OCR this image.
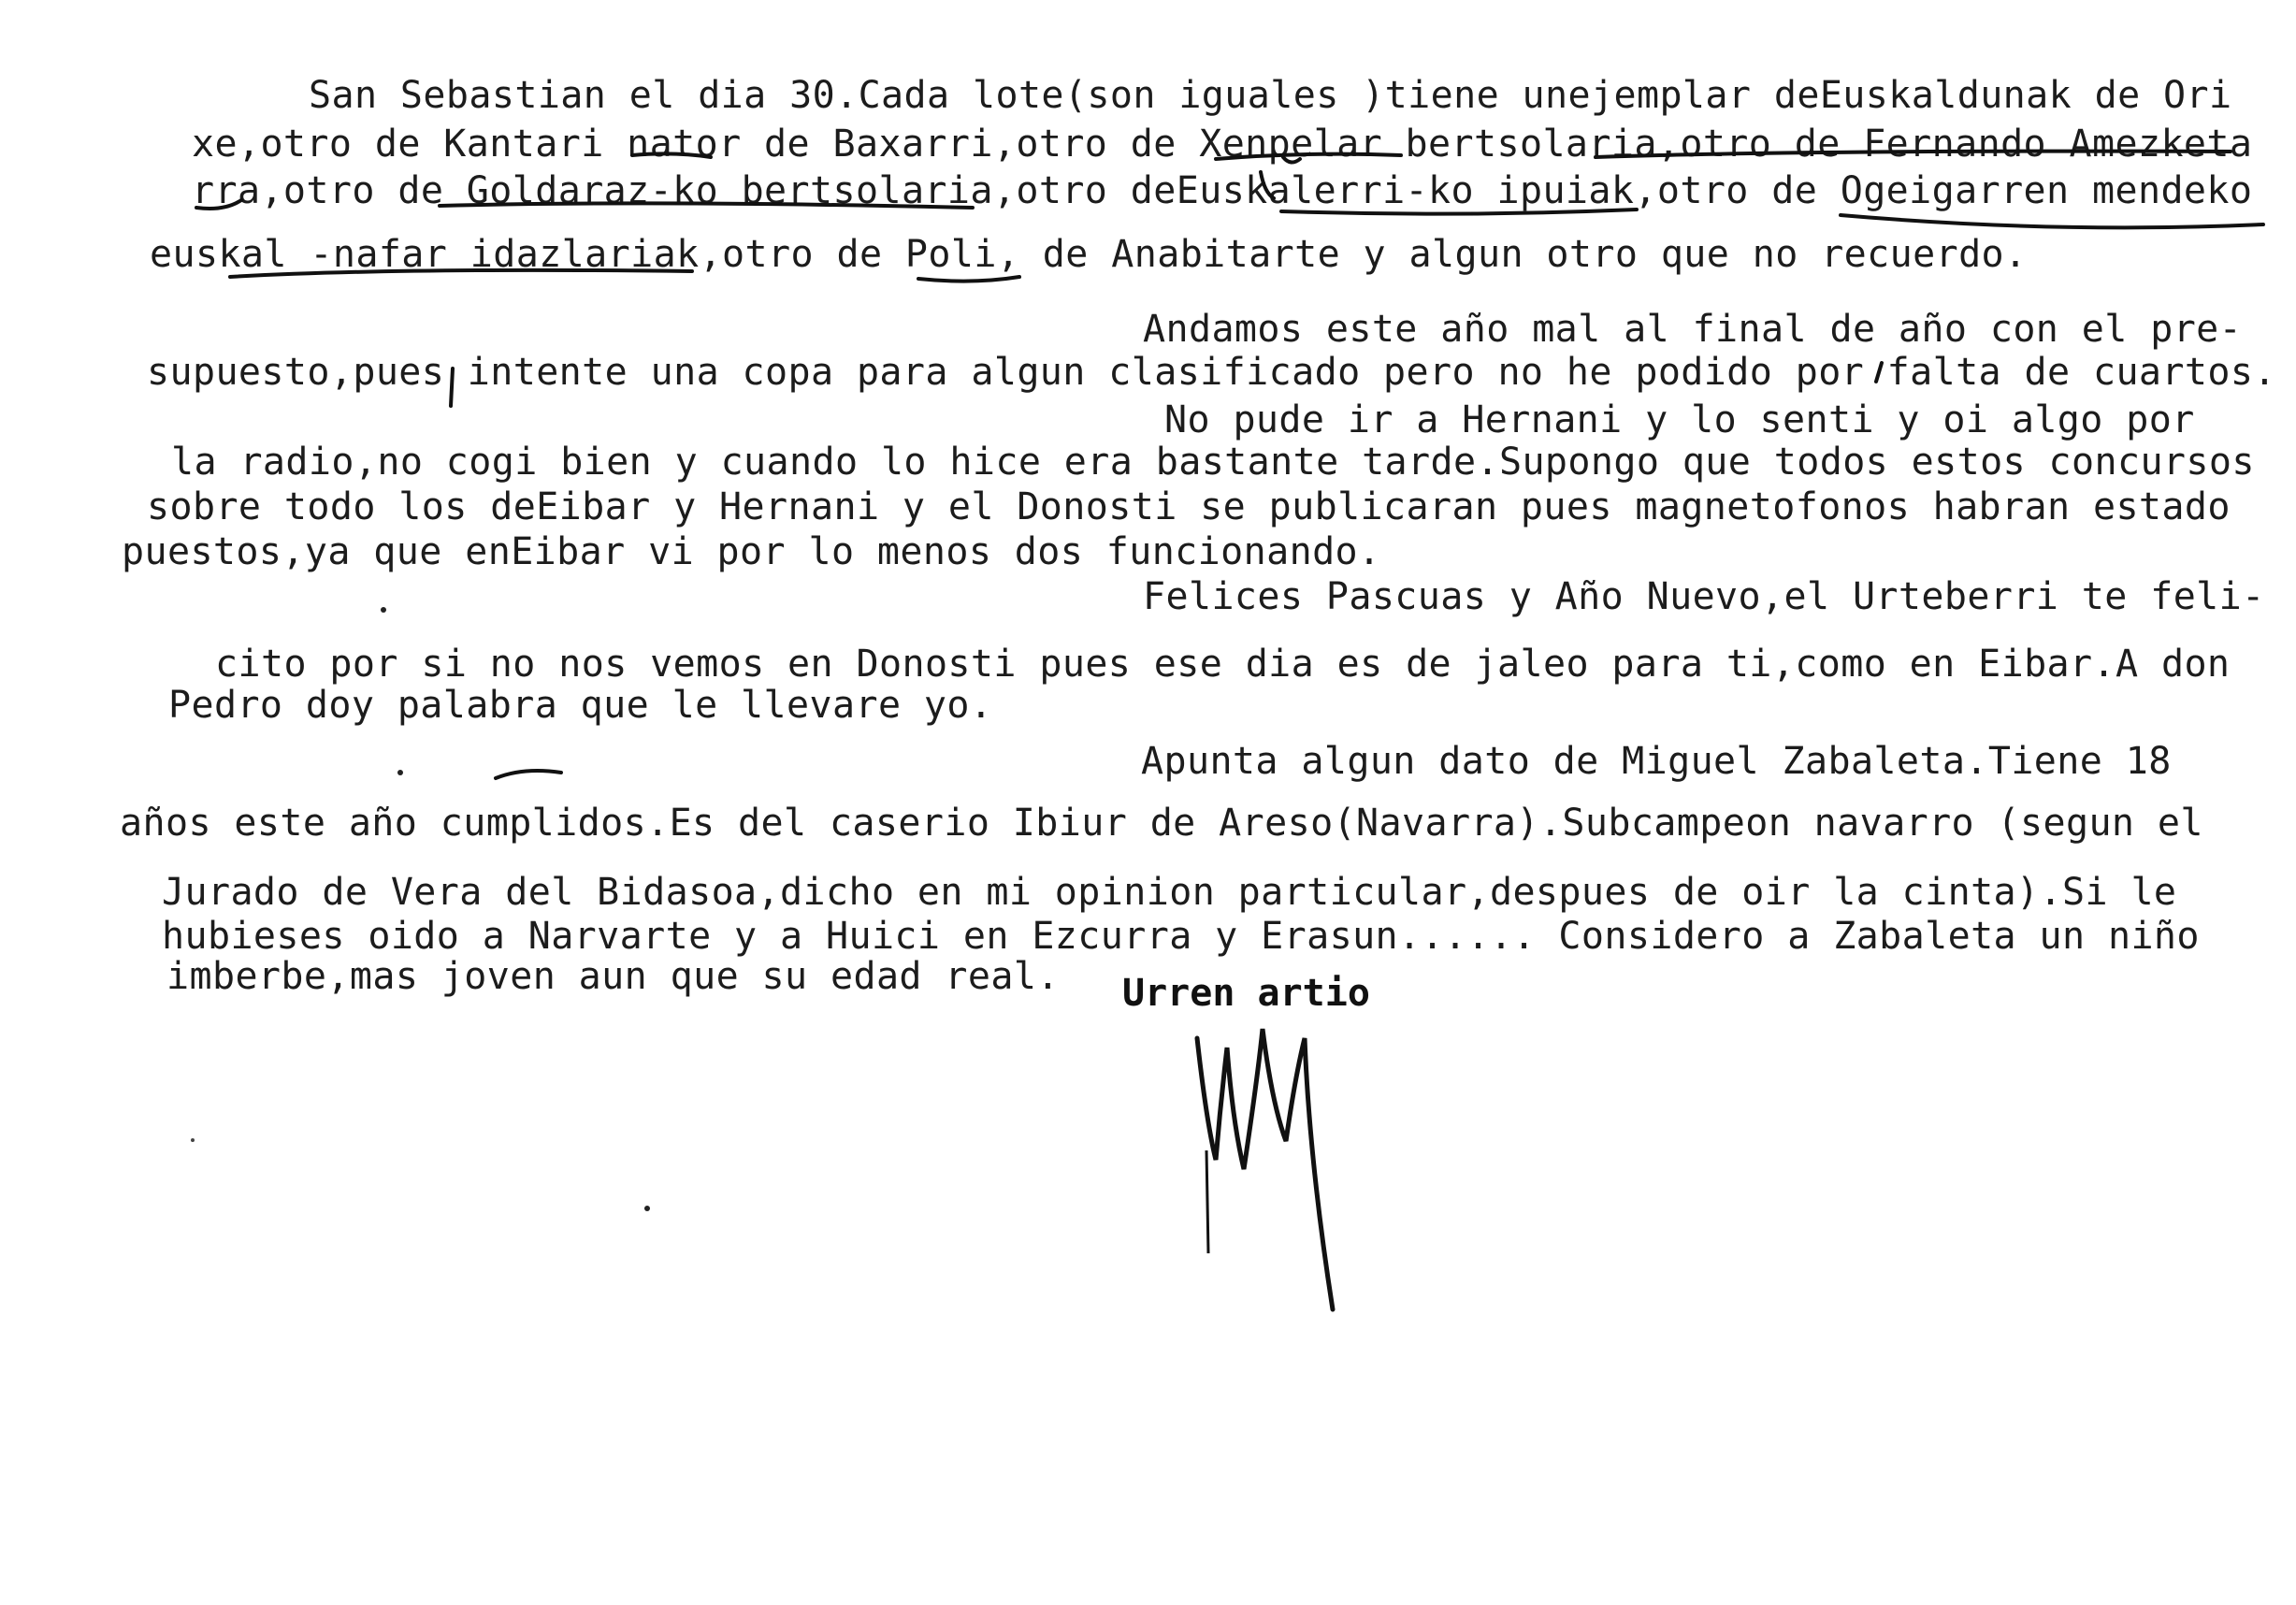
San Sebastian el dia 30.Cada lote(son iguales )tiene unejemplar deEuskaldunak de Ori
xe,otro de Kantari nator de Baxarri,otro de Xenpelar bertsolaria,otro de Fernando Amezketa
rra,otro de Goldaraz-ko bertsolaria,otro deEuskalerri-ko ipuiak,otro de Ogeigarren mendeko
euskal -nafar idazlariak,otro de Poli, de Anabitarte y algun otro que no recuerdo.
Andamos este año mal al final de año con el pre-
supuesto,pues intente una copa para algun clasificado pero no he podido por falta de cuartos.
No pude ir a Hernani y lo senti y oi algo por
la radio,no cogi bien y cuando lo hice era bastante tarde.Supongo que todos estos concursos
sobre todo los deEibar y Hernani y el Donosti se publicaran pues magnetofonos habran estado
puestos,ya que enEibar vi por lo menos dos funcionando.
Felices Pascuas y Año Nuevo,el Urteberri te feli-
cito por si no nos vemos en Donosti pues ese dia es de jaleo para ti,como en Eibar.A don
Pedro doy palabra que le llevare yo.
Apunta algun dato de Miguel Zabaleta.Tiene 18
años este año cumplidos.Es del caserio Ibiur de Areso(Navarra).Subcampeon navarro (segun el
Jurado de Vera del Bidasoa,dicho en mi opinion particular,despues de oir la cinta).Si le
hubieses oido a Narvarte y a Huici en Ezcurra y Erasun...... Considero a Zabaleta un niño
imberbe,mas joven aun que su edad real. Urren artio
